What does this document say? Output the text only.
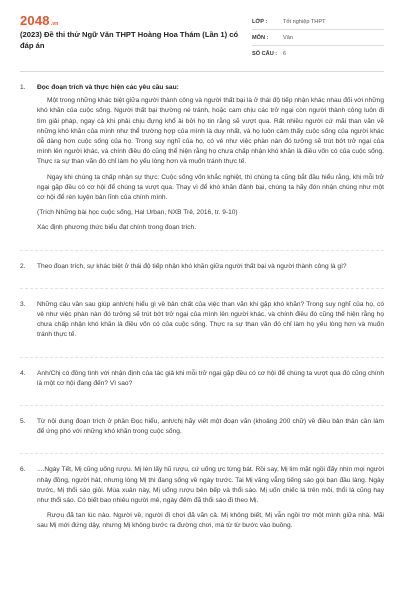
2048.vn
(2023) Đề thi thử Ngữ Văn THPT Hoàng Hoa Thám (Lần 1) có đáp án
LỚP :	Tốt nghiệp THPT
MÔN :	Văn
SỐ CÂU :	6
1.	Đọc đoạn trích và thực hiện các yêu cầu sau:

Một trong những khác biệt giữa người thành công và người thất bại là ở thái độ tiếp nhận khác nhau đối với những khó khăn của cuộc sống. Người thất bại thường né tránh, hoặc cam chịu các trở ngại còn người thành công luôn đi tìm giải pháp, ngay cả khi phải chịu đựng khổ ải bởi họ tin rằng sẽ vượt qua. Rất nhiều người cứ mãi than vãn về những khó khăn của mình như thể trường hợp của mình là duy nhất, và họ luôn cảm thấy cuộc sống của người khác dễ dàng hơn cuộc sống của họ. Trong suy nghĩ của họ, có vẻ như việc phàn nàn đó tưởng sẽ trút bớt trở ngại của mình lên người khác, và chính điều đó cũng thể hiện rằng họ chưa chấp nhận khó khăn là điều vốn có của cuộc sống. Thực ra sự than vãn đó chỉ làm họ yếu lòng hơn và muốn tránh thực tế.

Ngay khi chúng ta chấp nhận sự thực: Cuộc sống vốn khắc nghiệt, thì chúng ta cũng bắt đầu hiểu rằng, khi mỗi trở ngại gặp đều có cơ hội để chúng ta vượt qua. Thay vì để khó khăn đánh bại, chúng ta hãy đón nhận chúng như một cơ hội để rèn luyện bản lĩnh của chính mình.

(Trích Những bài học cuộc sống, Hal Urban, NXB Trẻ, 2016, tr. 9-10)

Xác định phương thức biểu đạt chính trong đoạn trích.

2.	Theo đoạn trích, sự khác biệt ở thái độ tiếp nhận khó khăn giữa người thất bại và người thành công là gì?

3.	Những câu văn sau giúp anh/chị hiểu gì về bản chất của việc than vãn khi gặp khó khăn? Trong suy nghĩ của họ, có vẻ như việc phàn nàn đó tưởng sẽ trút bớt trở ngại của mình lên người khác, và chính điều đó cũng thể hiện rằng họ chưa chấp nhận khó khăn là điều vốn có của cuộc sống. Thực ra sự than vãn đó chỉ làm họ yếu lòng hơn và muốn tránh thực tế.

4.	Anh/Chị có đồng tình với nhận định của tác giả khi mỗi trở ngại gặp đều có cơ hội để chúng ta vượt qua đó cũng chính là một cơ hội đang đến? Vì sao?

5.	Từ nội dung đoạn trích ở phần Đọc hiểu, anh/chị hãy viết một đoạn văn (khoảng 200 chữ) về điều bản thân cần làm để ứng phó với những khó khăn trong cuộc sống.

6.	....Ngày Tết, Mị cũng uống rượu. Mị lén lấy hũ rượu, cứ uống ực từng bát. Rồi say, Mị lim mặt ngồi đấy nhìn mọi người nhảy đồng, người hát, nhưng lòng Mị thì đang sống về ngày trước. Tai Mị văng vẳng tiếng sáo gọi bạn đầu làng. Ngày trước, Mị thổi sáo giỏi. Mùa xuân này, Mị uống rượu bên bếp và thổi sáo. Mị uốn chiếc lá trên môi, thổi lá cũng hay như thổi sáo. Có biết bao nhiêu người mê, ngày đêm đã thổi sáo đi theo Mị.

Rượu đã tan lúc nào. Người về, người đi chơi đã vãn cả. Mị không biết, Mị vẫn ngồi trơ một mình giữa nhà. Mãi sau Mị mới đứng dậy, nhưng Mị không bước ra đường chơi, mà từ từ bước vào buồng.
